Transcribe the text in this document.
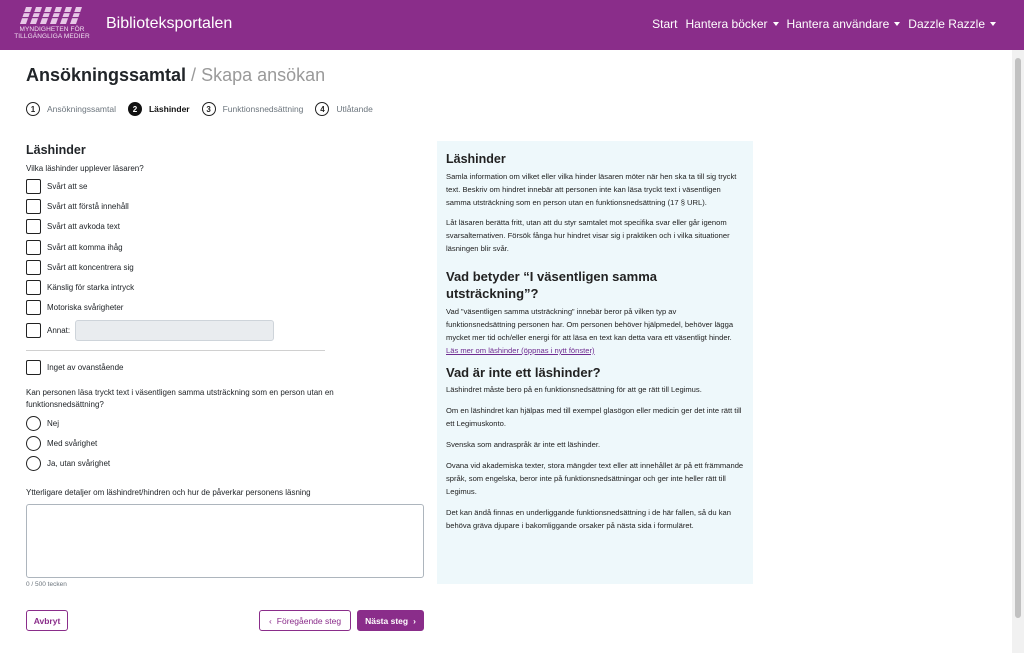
MYNDIGHETEN FÖR
TILLGÄNGLIGA MEDIER
Biblioteksportalen	Start Hantera böcker	Hantera användare	Dazzle Razzle
Ansökningssamtal / Skapa ansökan
1	Ansökningssamtal	2	Läshinder	3	Funktionsnedsättning	4	Utlåtande
Läshinder
Vilka läshinder upplever läsaren?
Svårt att se
Svårt att förstå innehåll
Svårt att avkoda text
Svårt att komma ihåg
Svårt att koncentrera sig
Känslig för starka intryck
Motoriska svårigheter
Annat:
Inget av ovanstående
Kan personen läsa tryckt text i väsentligen samma utsträckning som en person utan en funktionsnedsättning?
Nej
Med svårighet
Ja, utan svårighet
Ytterligare detaljer om läshindret/hindren och hur de påverkar personens läsning
0 / 500 tecken
Avbryt	‹ Föregående steg	Nästa steg ›
Läshinder

Samla information om vilket eller vilka hinder läsaren möter när hen ska ta till sig tryckt text. Beskriv om hindret innebär att personen inte kan läsa tryckt text i väsentligen samma utsträckning som en person utan en funktionsnedsättning (17 § URL).

Låt läsaren berätta fritt, utan att du styr samtalet mot specifika svar eller går igenom svarsalternativen. Försök fånga hur hindret visar sig i praktiken och i vilka situationer läsningen blir svår.

Vad betyder “I väsentligen samma utsträckning”?

Vad ”väsentligen samma utsträckning” innebär beror på vilken typ av funktionsnedsättning personen har. Om personen behöver hjälpmedel, behöver lägga mycket mer tid och/eller energi för att läsa en text kan detta vara ett väsentligt hinder. Läs mer om läshinder (öppnas i nytt fönster)

Vad är inte ett läshinder?

Läshindret måste bero på en funktionsnedsättning för att ge rätt till Legimus.

Om en läshindret kan hjälpas med till exempel glasögon eller medicin ger det inte rätt till ett Legimuskonto.

Svenska som andraspråk är inte ett läshinder.

Ovana vid akademiska texter, stora mängder text eller att innehållet är på ett främmande språk, som engelska, beror inte på funktionsnedsättningar och ger inte heller rätt till Legimus.

Det kan ändå finnas en underliggande funktionsnedsättning i de här fallen, så du kan behöva gräva djupare i bakomliggande orsaker på nästa sida i formuläret.
